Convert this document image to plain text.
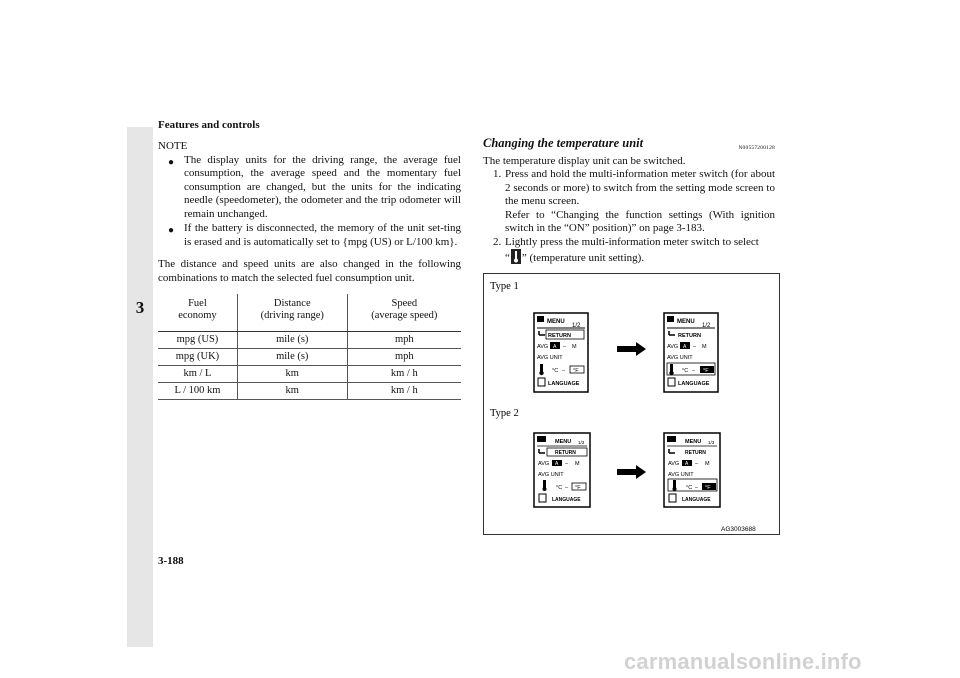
3
Features and controls
NOTE
● The display units for the driving range, the average fuel consumption, the average speed and the momentary fuel consumption are changed, but the units for the indicating needle (speedometer), the odometer and the trip odometer will remain unchanged.
● If the battery is disconnected, the memory of the unit set-ting is erased and is automatically set to {mpg (US) or L/100 km}.
The distance and speed units are also changed in the following combinations to match the selected fuel consumption unit.
Fuel
economy	Distance
(driving range)	Speed
(average speed)
mpg (US)	mile (s)	mph
mpg (UK)	mile (s)	mph
km / L	km	km / h
L / 100 km	km	km / h
Changing the temperature unit	N00557200128
The temperature display unit can be switched.
1. Press and hold the multi-information meter switch (for about 2 seconds or more) to switch from the setting mode screen to the menu screen.
Refer to “Changing the function settings (With ignition switch in the “ON” position)” on page 3-183.
2. Lightly press the multi-information meter switch to select
“ ” (temperature unit setting).
Type 1
Type 2
AG3003688
MENU
1/2
RETURN
AVG A – M
AVG UNIT
°C – °F
LANGUAGE
MENU
1/2
RETURN
AVG A – M
AVG UNIT
°C – °F
LANGUAGE
MENU 1/3
RETURN
AVG A – M
AVG UNIT
°C – °F
LANGUAGE
MENU 1/3
RETURN
AVG A – M
AVG UNIT
°C – °F
LANGUAGE
3-188
carmanualsonline.info
